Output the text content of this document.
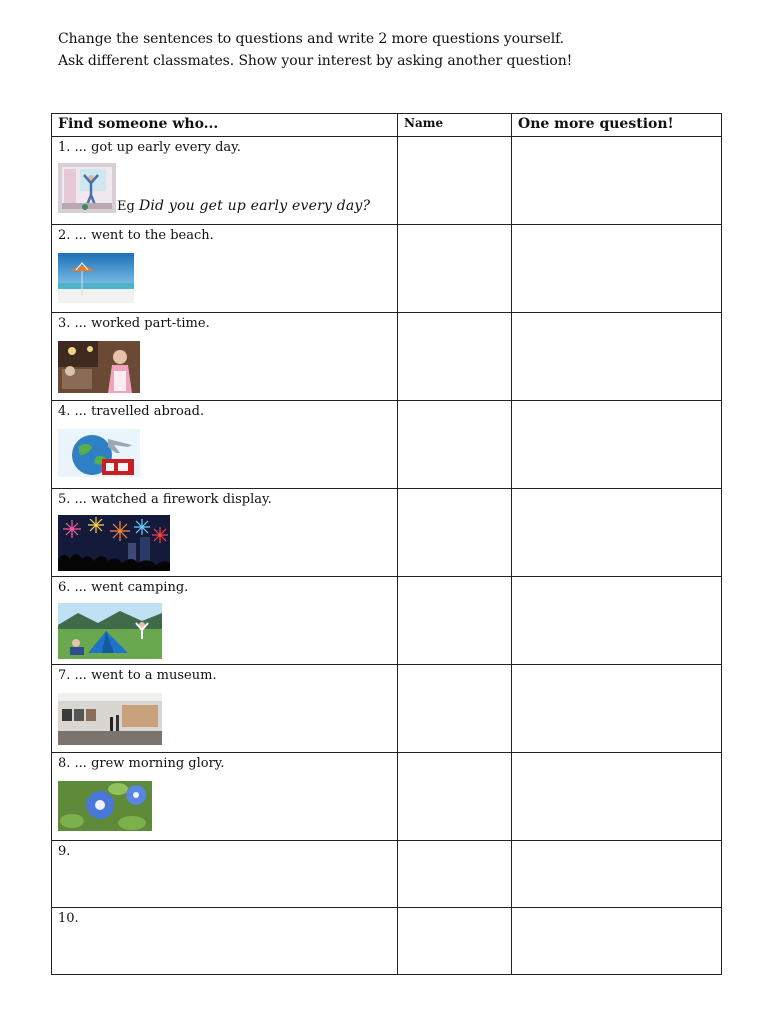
Change the sentences to questions and write 2 more questions yourself.
Ask different classmates. Show your interest by asking another question!
Find someone who...	Name	One more question!

1. ... got up early every day.
Eg Did you get up early every day?		

2. ... went to the beach.		

3. ... worked part-time.		

4. ... travelled abroad.		

5. ... watched a firework display.		

6. ... went camping.		

7. ... went to a museum.		

8. ... grew morning glory.		

9.		

10.		
